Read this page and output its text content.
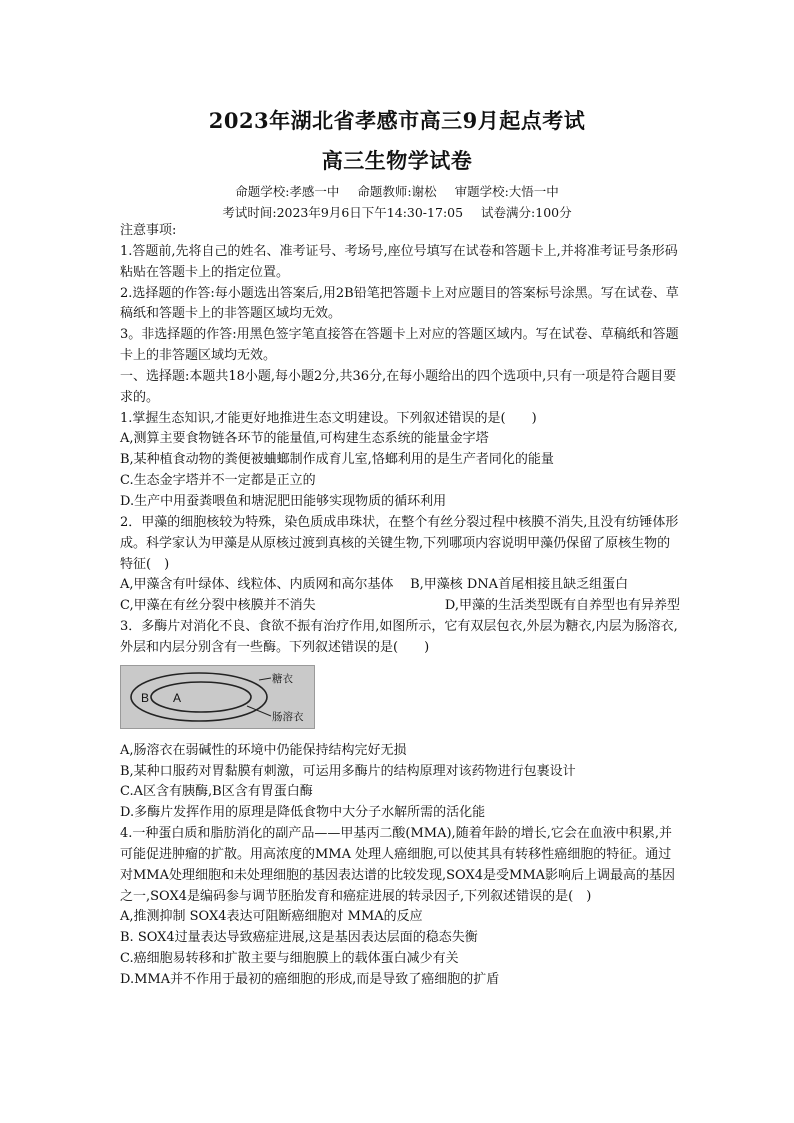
2023年湖北省孝感市高三9月起点考试
高三生物学试卷
命题学校:孝感一中 命题教师:谢松 审题学校:大悟一中
考试时间:2023年9月6日下午14:30-17:05 试卷满分:100分

注意事项:

1.答题前,先将自己的姓名、准考证号、考场号,座位号填写在试卷和答题卡上,并将准考证号条形码粘贴在答题卡上的指定位置。

2.选择题的作答:每小题选出答案后,用2B铅笔把答题卡上对应题目的答案标号涂黑。写在试卷、草稿纸和答题卡上的非答题区域均无效。

3。非选择题的作答:用黑色签字笔直接答在答题卡上对应的答题区域内。写在试卷、草稿纸和答题卡上的非答题区域均无效。

一、选择题:本题共18小题,每小题2分,共36分,在每小题给出的四个选项中,只有一项是符合题目要求的。

1.掌握生态知识,才能更好地推进生态文明建设。下列叙述错误的是(　　)

A,测算主要食物链各环节的能量值,可构建生态系统的能量金字塔

B,某种植食动物的粪便被蛐螂制作成育儿室,恪螂利用的是生产者同化的能量

C.生态金字塔并不一定都是正立的

D.生产中用蚕粪喂鱼和塘泥肥田能够实现物质的循环利用

2．甲藻的细胞核较为特殊，染色质成串珠状，在整个有丝分裂过程中核膜不消失,且没有纺锤体形成。科学家认为甲藻是从原核过渡到真核的关键生物,下列哪项内容说明甲藻仍保留了原核生物的特征(　)

A,甲藻含有叶绿体、线粒体、内质网和高尔基体 B,甲藻核 DNA首尾相接且缺乏组蛋白

C,甲藻在有丝分裂中核膜并不消失	D,甲藻的生活类型既有自养型也有异养型

3．多酶片对消化不良、食欲不振有治疗作用,如图所示，它有双层包衣,外层为糖衣,内层为肠溶衣,外层和内层分别含有一些酶。下列叙述错误的是(　　)

B A
糖衣
肠溶衣

A,肠溶衣在弱碱性的环境中仍能保持结构完好无损

B,某种口服药对胃黏膜有刺激，可运用多酶片的结构原理对该药物进行包裹设计

C.A区含有胰酶,B区含有胃蛋白酶

D.多酶片发挥作用的原理是降低食物中大分子水解所需的活化能

4.一种蛋白质和脂肪消化的副产品——甲基丙二酸(MMA),随着年龄的增长,它会在血液中积累,并可能促进肿瘤的扩散。用高浓度的MMA 处理人癌细胞,可以使其具有转移性癌细胞的特征。通过对MMA处理细胞和未处理细胞的基因表达谱的比较发现,SOX4是受MMA影响后上调最高的基因之一,SOX4是编码参与调节胚胎发育和癌症进展的转录因子,下列叙述错误的是(　)

A,推测抑制 SOX4表达可阻断癌细胞对 MMA的反应

B. SOX4过量表达导致癌症进展,这是基因表达层面的稳态失衡

C.癌细胞易转移和扩散主要与细胞膜上的载体蛋白减少有关

D.MMA并不作用于最初的癌细胞的形成,而是导致了癌细胞的扩盾
